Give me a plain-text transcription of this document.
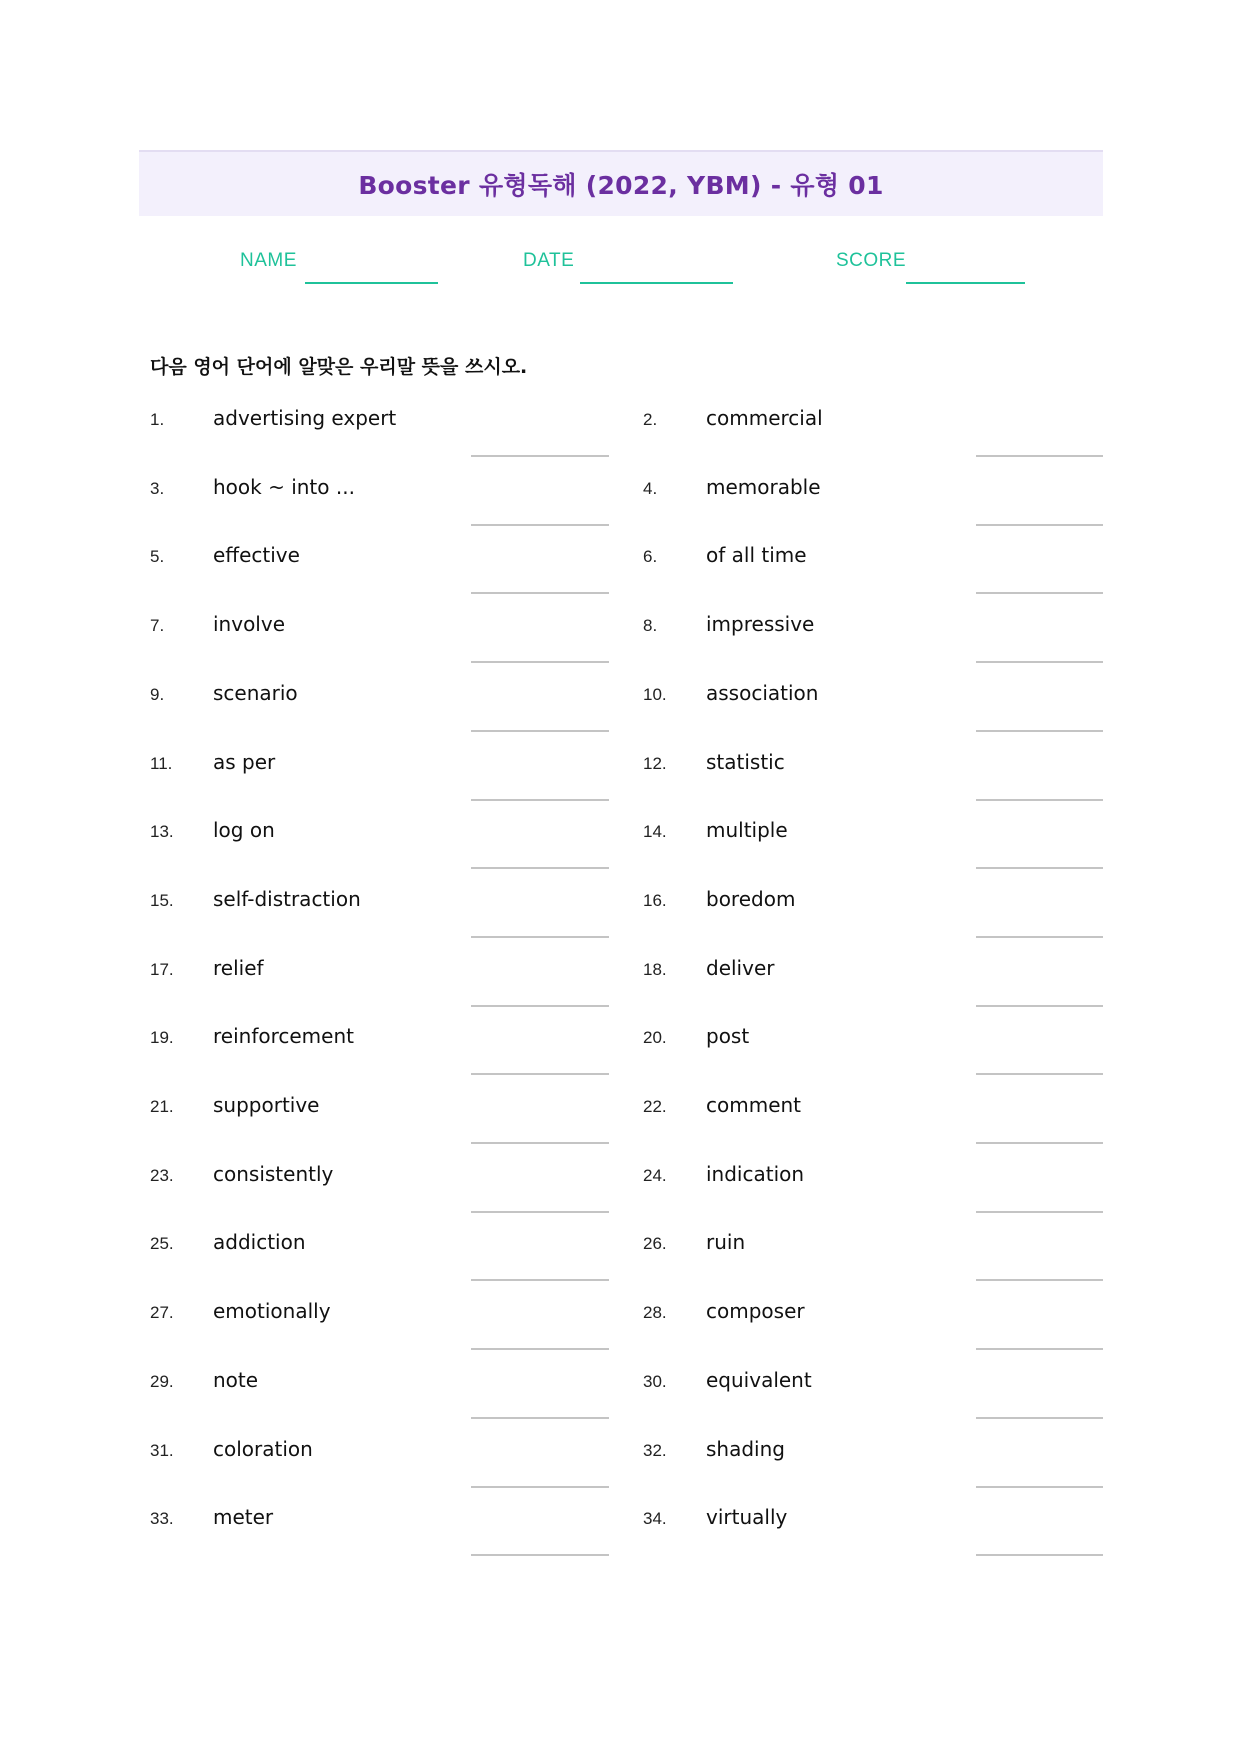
Booster 유형독해 (2022, YBM) - 유형 01
NAME	DATE	SCORE
다음 영어 단어에 알맞은 우리말 뜻을 쓰시오.
1. advertising expert	2. commercial
3. hook ~ into ...	4. memorable
5. effective	6. of all time
7. involve	8. impressive
9. scenario	10. association
11. as per	12. statistic
13. log on	14. multiple
15. self-distraction	16. boredom
17. relief	18. deliver
19. reinforcement	20. post
21. supportive	22. comment
23. consistently	24. indication
25. addiction	26. ruin
27. emotionally	28. composer
29. note	30. equivalent
31. coloration	32. shading
33. meter	34. virtually
